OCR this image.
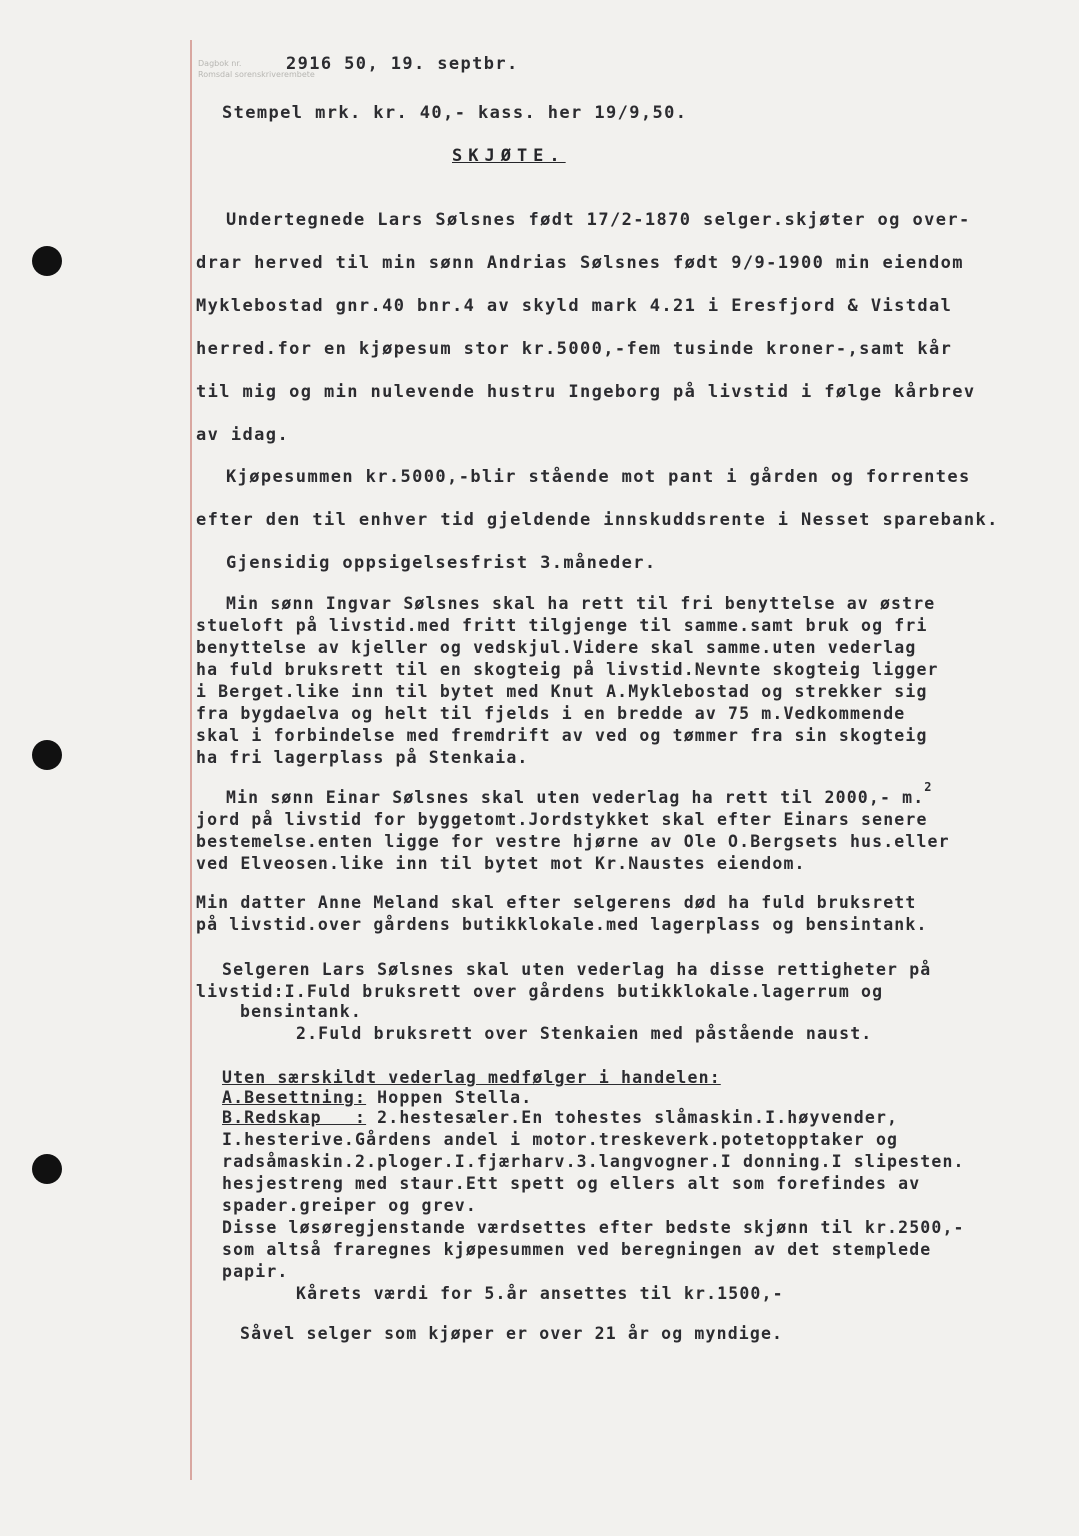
Dagbok nr.
Romsdal sorenskriverembete
2916 50, 19. septbr.
Stempel mrk. kr. 40,- kass. her 19/9,50.
SKJØTE.
Undertegnede Lars Sølsnes født 17/2-1870 selger.skjøter og over-
drar herved til min sønn Andrias Sølsnes født 9/9-1900 min eiendom
Myklebostad gnr.40 bnr.4 av skyld mark 4.21 i Eresfjord & Vistdal
herred.for en kjøpesum stor kr.5000,-fem tusinde kroner-,samt kår
til mig og min nulevende hustru Ingeborg på livstid i følge kårbrev
av idag.
Kjøpesummen kr.5000,-blir stående mot pant i gården og forrentes
efter den til enhver tid gjeldende innskuddsrente i Nesset sparebank.
Gjensidig oppsigelsesfrist 3.måneder.
Min sønn Ingvar Sølsnes skal ha rett til fri benyttelse av østre
stueloft på livstid.med fritt tilgjenge til samme.samt bruk og fri
benyttelse av kjeller og vedskjul.Videre skal samme.uten vederlag
ha fuld bruksrett til en skogteig på livstid.Nevnte skogteig ligger
i Berget.like inn til bytet med Knut A.Myklebostad og strekker sig
fra bygdaelva og helt til fjelds i en bredde av 75 m.Vedkommende
skal i forbindelse med fremdrift av ved og tømmer fra sin skogteig
ha fri lagerplass på Stenkaia.
Min sønn Einar Sølsnes skal uten vederlag ha rett til 2000,- m.$^2$
jord på livstid for byggetomt.Jordstykket skal efter Einars senere
bestemelse.enten ligge for vestre hjørne av Ole O.Bergsets hus.eller
ved Elveosen.like inn til bytet mot Kr.Naustes eiendom.
Min datter Anne Meland skal efter selgerens død ha fuld bruksrett
på livstid.over gårdens butikklokale.med lagerplass og bensintank.
Selgeren Lars Sølsnes skal uten vederlag ha disse rettigheter på
livstid:I.Fuld bruksrett over gårdens butikklokale.lagerrum og
bensintank.
2.Fuld bruksrett over Stenkaien med påstående naust.
Uten særskildt vederlag medfølger i handelen:
A.Besettning: Hoppen Stella.
B.Redskap   : 2.hestesæler.En tohestes slåmaskin.I.høyvender,
I.hesterive.Gårdens andel i motor.treskeverk.potetopptaker og
radsåmaskin.2.ploger.I.fjærharv.3.langvogner.I donning.I slipesten.
hesjestreng med staur.Ett spett og ellers alt som forefindes av
spader.greiper og grev.
Disse løsøregjenstande værdsettes efter bedste skjønn til kr.2500,-
som altså fraregnes kjøpesummen ved beregningen av det stemplede
papir.
Kårets værdi for 5.år ansettes til kr.1500,-
Såvel selger som kjøper er over 21 år og myndige.
